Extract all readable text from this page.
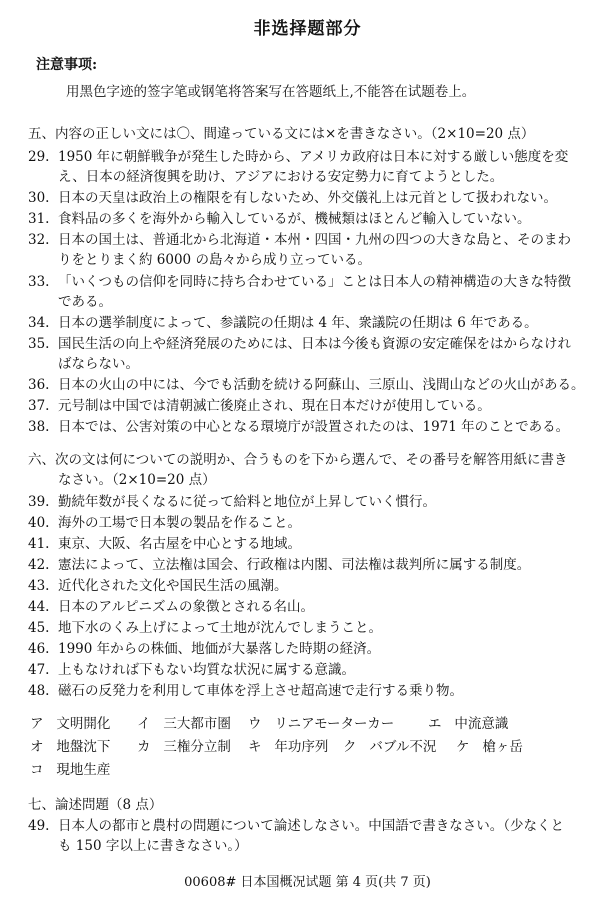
非选择题部分
注意事项:
用黑色字迹的签字笔或钢笔将答案写在答题纸上,不能答在试题卷上。
五、内容の正しい文には〇、間違っている文には×を書きなさい。（2×10=20 点）
29. 1950 年に朝鮮戦争が発生した時から、アメリカ政府は日本に対する厳しい態度を変
え、日本の経済復興を助け、アジアにおける安定勢力に育てようとした。
30. 日本の天皇は政治上の権限を有しないため、外交儀礼上は元首として扱われない。
31. 食料品の多くを海外から輸入しているが、機械類はほとんど輸入していない。
32. 日本の国土は、普通北から北海道・本州・四国・九州の四つの大きな島と、そのまわ
りをとりまく約 6000 の島々から成り立っている。
33. 「いくつもの信仰を同時に持ち合わせている」ことは日本人の精神構造の大きな特徴
である。
34. 日本の選挙制度によって、参議院の任期は 4 年、衆議院の任期は 6 年である。
35. 国民生活の向上や経済発展のためには、日本は今後も資源の安定確保をはからなけれ
ばならない。
36. 日本の火山の中には、今でも活動を続ける阿蘇山、三原山、浅間山などの火山がある。
37. 元号制は中国では清朝滅亡後廃止され、現在日本だけが使用している。
38. 日本では、公害対策の中心となる環境庁が設置されたのは、1971 年のことである。
六、次の文は何についての説明か、合うものを下から選んで、その番号を解答用紙に書き
なさい。（2×10=20 点）
39. 勤続年数が長くなるに従って給料と地位が上昇していく慣行。
40. 海外の工場で日本製の製品を作ること。
41. 東京、大阪、名古屋を中心とする地域。
42. 憲法によって、立法権は国会、行政権は内閣、司法権は裁判所に属する制度。
43. 近代化された文化や国民生活の風潮。
44. 日本のアルピニズムの象徴とされる名山。
45. 地下水のくみ上げによって土地が沈んでしまうこと。
46. 1990 年からの株価、地価が大暴落した時期の経済。
47. 上もなければ下もない均質な状況に属する意識。
48. 磁石の反発力を利用して車体を浮上させ超高速で走行する乗り物。
ア 文明開化 イ 三大都市圏 ウ リニアモーターカー エ 中流意識
オ 地盤沈下 カ 三権分立制 キ 年功序列 ク バブル不況 ケ 槍ヶ岳
コ 現地生産
七、論述問題（8 点）
49. 日本人の都市と農村の問題について論述しなさい。中国語で書きなさい。（少なくと
も 150 字以上に書きなさい。）
00608# 日本国概况试题 第 4 页(共 7 页)
